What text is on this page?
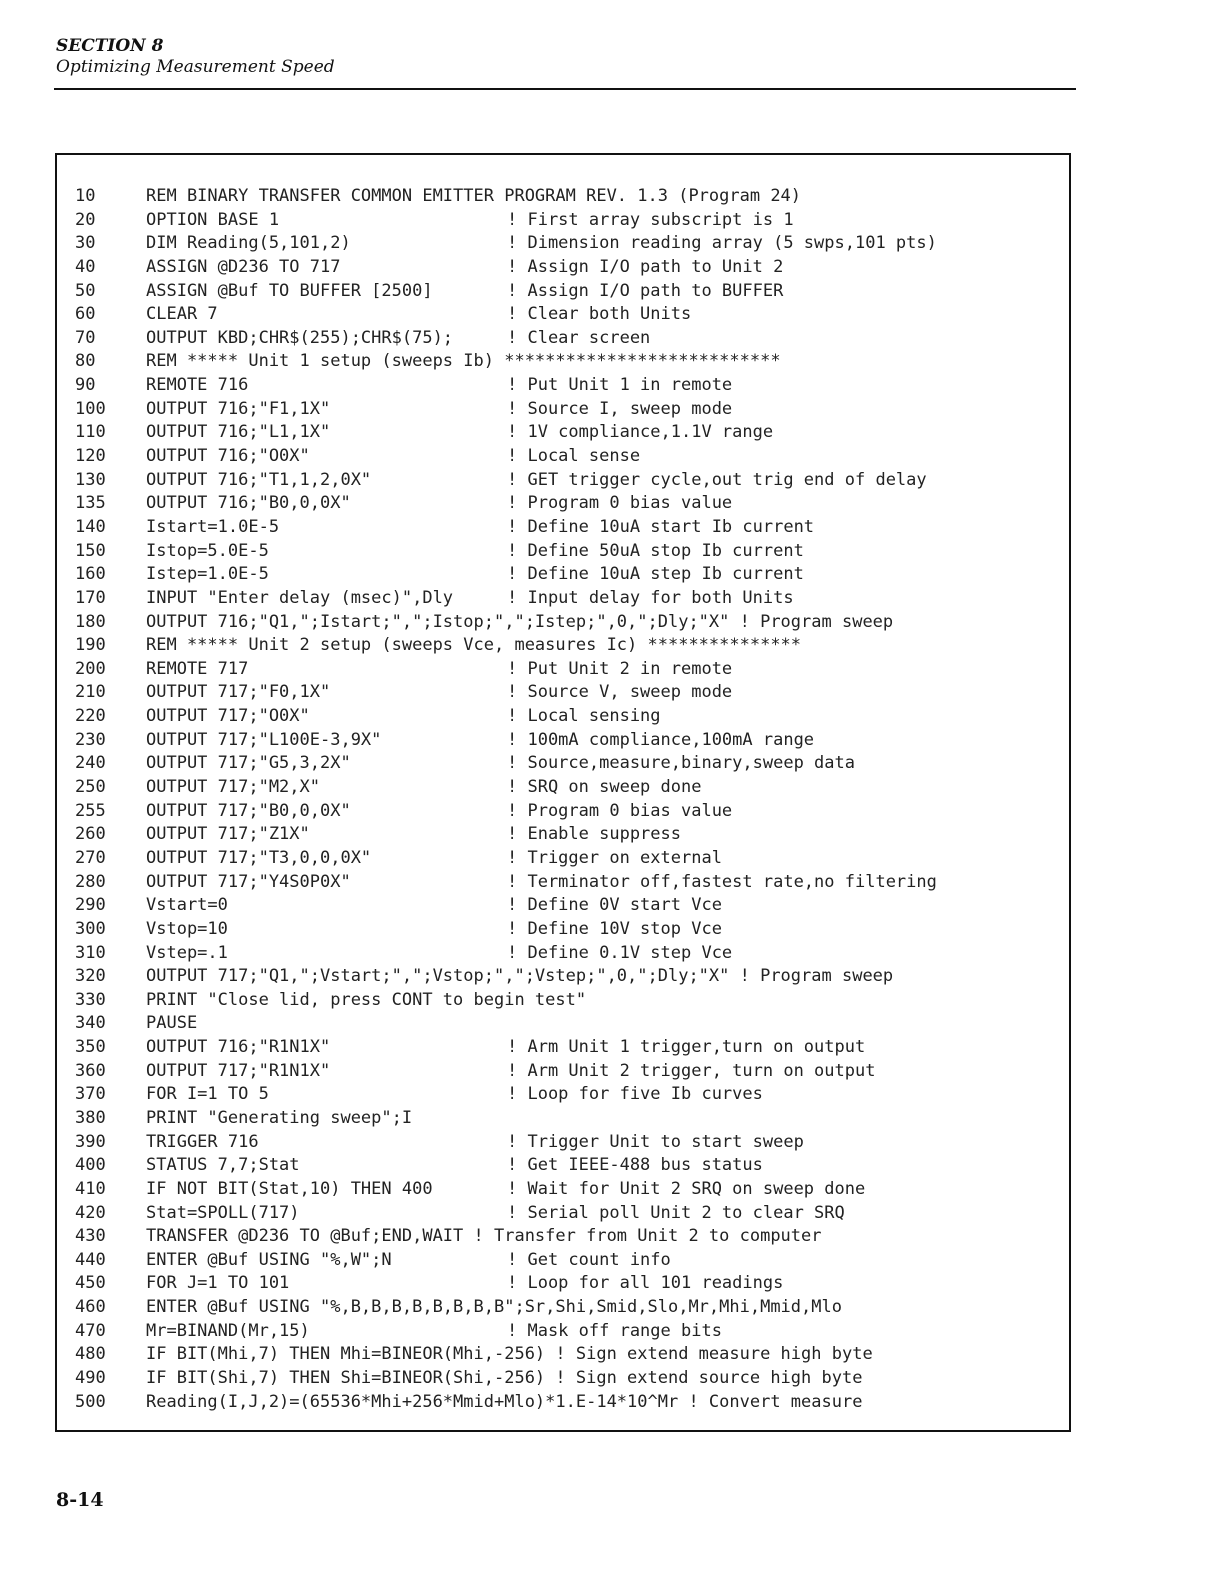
SECTION 8
Optimizing Measurement Speed
10	REM BINARY TRANSFER COMMON EMITTER PROGRAM REV. 1.3 (Program 24)
20	OPTION BASE 1	! First array subscript is 1
30	DIM Reading(5,101,2)	! Dimension reading array (5 swps,101 pts)
40	ASSIGN @D236 TO 717	! Assign I/O path to Unit 2
50	ASSIGN @Buf TO BUFFER [2500]	! Assign I/O path to BUFFER
60	CLEAR 7	! Clear both Units
70	OUTPUT KBD;CHR$(255);CHR$(75);	! Clear screen
80	REM ***** Unit 1 setup (sweeps Ib) ***************************
90	REMOTE 716	! Put Unit 1 in remote
100	OUTPUT 716;"F1,1X"	! Source I, sweep mode
110	OUTPUT 716;"L1,1X"	! 1V compliance,1.1V range
120	OUTPUT 716;"O0X"	! Local sense
130	OUTPUT 716;"T1,1,2,0X"	! GET trigger cycle,out trig end of delay
135	OUTPUT 716;"B0,0,0X"	! Program 0 bias value
140	Istart=1.0E-5	! Define 10uA start Ib current
150	Istop=5.0E-5	! Define 50uA stop Ib current
160	Istep=1.0E-5	! Define 10uA step Ib current
170	INPUT "Enter delay (msec)",Dly	! Input delay for both Units
180	OUTPUT 716;"Q1,";Istart;",";Istop;",";Istep;",0,";Dly;"X" ! Program sweep
190	REM ***** Unit 2 setup (sweeps Vce, measures Ic) ***************
200	REMOTE 717	! Put Unit 2 in remote
210	OUTPUT 717;"F0,1X"	! Source V, sweep mode
220	OUTPUT 717;"O0X"	! Local sensing
230	OUTPUT 717;"L100E-3,9X"	! 100mA compliance,100mA range
240	OUTPUT 717;"G5,3,2X"	! Source,measure,binary,sweep data
250	OUTPUT 717;"M2,X"	! SRQ on sweep done
255	OUTPUT 717;"B0,0,0X"	! Program 0 bias value
260	OUTPUT 717;"Z1X"	! Enable suppress
270	OUTPUT 717;"T3,0,0,0X"	! Trigger on external
280	OUTPUT 717;"Y4S0P0X"	! Terminator off,fastest rate,no filtering
290	Vstart=0	! Define 0V start Vce
300	Vstop=10	! Define 10V stop Vce
310	Vstep=.1	! Define 0.1V step Vce
320	OUTPUT 717;"Q1,";Vstart;",";Vstop;",";Vstep;",0,";Dly;"X" ! Program sweep
330	PRINT "Close lid, press CONT to begin test"
340	PAUSE
350	OUTPUT 716;"R1N1X"	! Arm Unit 1 trigger,turn on output
360	OUTPUT 717;"R1N1X"	! Arm Unit 2 trigger, turn on output
370	FOR I=1 TO 5	! Loop for five Ib curves
380	PRINT "Generating sweep";I
390	TRIGGER 716	! Trigger Unit to start sweep
400	STATUS 7,7;Stat	! Get IEEE-488 bus status
410	IF NOT BIT(Stat,10) THEN 400	! Wait for Unit 2 SRQ on sweep done
420	Stat=SPOLL(717)	! Serial poll Unit 2 to clear SRQ
430	TRANSFER @D236 TO @Buf;END,WAIT ! Transfer from Unit 2 to computer
440	ENTER @Buf USING "%,W";N	! Get count info
450	FOR J=1 TO 101	! Loop for all 101 readings
460	ENTER @Buf USING "%,B,B,B,B,B,B,B,B";Sr,Shi,Smid,Slo,Mr,Mhi,Mmid,Mlo
470	Mr=BINAND(Mr,15)	! Mask off range bits
480	IF BIT(Mhi,7) THEN Mhi=BINEOR(Mhi,-256) ! Sign extend measure high byte
490	IF BIT(Shi,7) THEN Shi=BINEOR(Shi,-256) ! Sign extend source high byte
500	Reading(I,J,2)=(65536*Mhi+256*Mmid+Mlo)*1.E-14*10^Mr ! Convert measure
8-14
